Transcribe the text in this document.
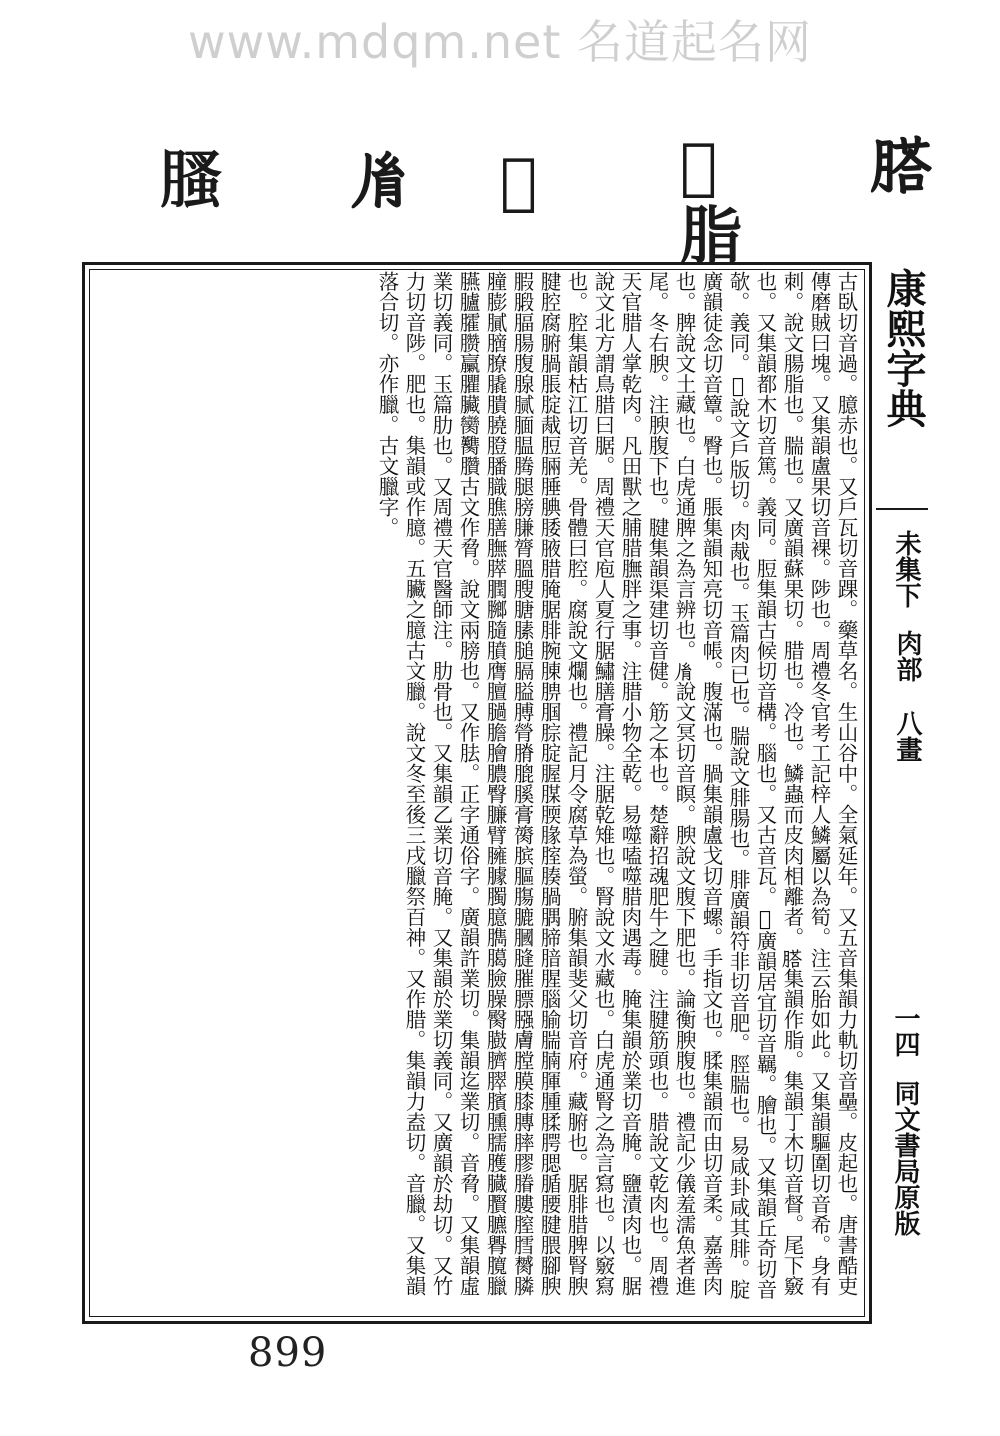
www.mdqm.net 名道起名网
𦞂
𦙤
脂
𦞏
𦙍
𦞣

古臥切音過。臆赤也。又戶瓦切音踝。藥草名。生山谷中。全氣延年。又五音集韻力軌切音壘。皮起也。唐書酷吏傳磨賊曰塊。又集韻盧果切音裸。陟也。周禮冬官考工記梓人鱗屬以為筍。注云胎如此。又集韻驅圍切音希。身有刺。說文腸脂也。腨也。又廣韻蘇果切。腊也。冷也。鱗蟲而皮肉相離者。𦞂集韻作脂。集韻丁木切音督。尾下竅也。又集韻都木切音篤。義同。脰集韻古候切音構。腦也。又古音瓦。𦙤廣韻居宜切音羈。膾也。又集韻丘奇切音欹。義同。𦞏說文戶版切。肉胾也。玉篇肉已也。腨說文腓腸也。腓廣韻符非切音肥。脛腨也。易咸卦咸其腓。腚廣韻徒念切音簟。臀也。脹集韻知亮切音帳。腹滿也。腡集韻盧戈切音螺。手指文也。腬集韻而由切音柔。嘉善肉也。脾說文土藏也。白虎通脾之為言辨也。𦙍說文冥切音瞑。腴說文腹下肥也。論衡腴腹也。禮記少儀羞濡魚者進尾。冬右腴。注腴腹下也。腱集韻渠建切音健。筋之本也。楚辭招魂肥牛之腱。注腱筋頭也。腊說文乾肉也。周禮天官腊人掌乾肉。凡田獸之脯腊膴胖之事。注腊小物全乾。易噬嗑噬腊肉遇毒。腌集韻於業切音腌。鹽漬肉也。腒說文北方謂鳥腊曰腒。周禮天官庖人夏行腒鱐膳膏臊。注腒乾雉也。腎說文水藏也。白虎通腎之為言寫也。以竅寫也。腔集韻枯江切音羌。骨體曰腔。腐說文爛也。禮記月令腐草為螢。腑集韻斐父切音府。藏腑也。腒腓腊脾腎腴腱腔腐腑腡脹腚胾脰脼腄腆腇腋腊腌腒腓腕腖腗腘腙腚腛腜腝腞腟腠腡腢腣腤腥腦腧腨腩腪腫腬腭腮腯腰腱腲腳腴腵腶腷腸腹腺腻腼腽腾腿膀膁膂膃膄膅膆膇膈膉膊膋膌膍膎膏膐膑膒膓膔膕膖膗膘膙膚膛膜膝膞膟膠膡膢膣膤膥膦膧膨膩膪膫膬膭膮膯膰膱膲膳膴膵膶膷膸膹膺膻膼膽膾膿臀臁臂臃臄臅臆臇臈臉臊臋臌臍臎臏臐臑臒臓臔臕臖臗臘臙臚臛臜臝臞臟臠臡臢古文作脅。說文兩膀也。又作胠。正字通俗字。廣韻許業切。集韻迄業切。音脅。又集韻虛業切義同。玉篇肋也。又周禮天官醫師注。肋骨也。又集韻乙業切音腌。又集韻於業切義同。又廣韻於劫切。又竹力切音陟。肥也。集韻或作臆。五臟之臆古文臘。說文冬至後三戌臘祭百神。又作腊。集韻力盍切。音臘。又集韻落合切。亦作臘。古文臘字。	康熙字典
未集下
肉部
八畫
一四
同文書局原版
899
